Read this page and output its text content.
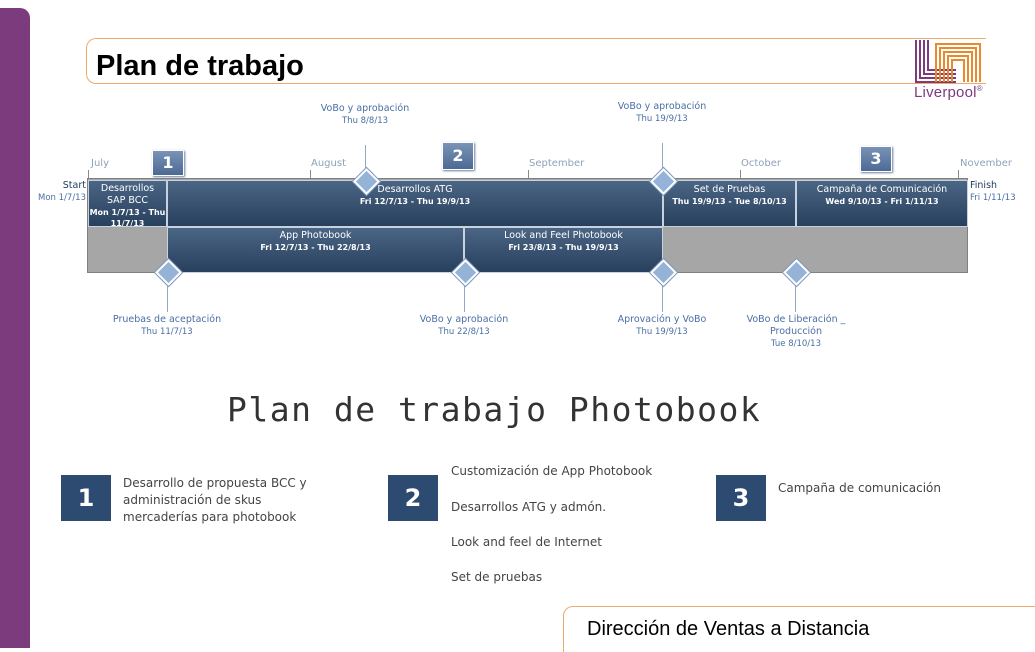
Plan de trabajo
Liverpool®
VoBo y aprobación
Thu 8/8/13
VoBo y aprobación
Thu 19/9/13
1	2	3
July	August	September	October	November
Start
Mon 1/7/13
Finish
Fri 1/11/13
Desarrollos SAP BCC
Mon 1/7/13 - Thu 11/7/13
Desarrollos ATG
Fri 12/7/13 - Thu 19/9/13
Set de Pruebas
Thu 19/9/13 - Tue 8/10/13
Campaña de Comunicación
Wed 9/10/13 - Fri 1/11/13
App Photobook
Fri 12/7/13 - Thu 22/8/13
Look and Feel Photobook
Fri 23/8/13 - Thu 19/9/13
Pruebas de aceptación
Thu 11/7/13
VoBo y aprobación
Thu 22/8/13
Aprovación y VoBo
Thu 19/9/13
VoBo de Liberación _ Producción
Tue 8/10/13
Plan de trabajo Photobook
1
Desarrollo de propuesta BCC y administración de skus mercaderías para photobook
2
Customización de App Photobook
Desarrollos ATG y admón.
Look and feel de Internet
Set de pruebas
3	Campaña de comunicación
Dirección de Ventas a Distancia
